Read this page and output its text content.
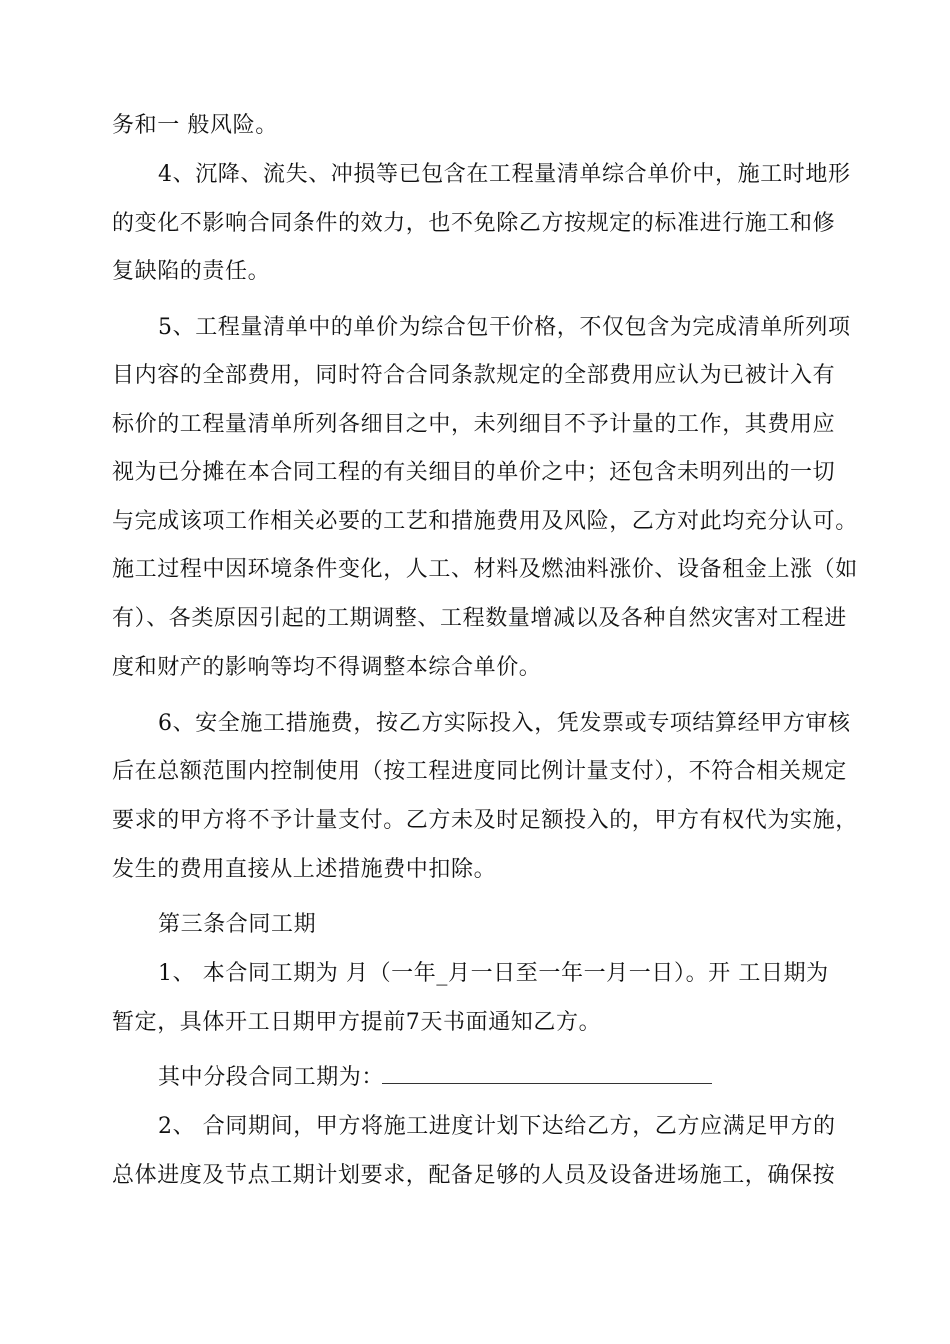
务和一 般风险。
4、沉降、流失、冲损等已包含在工程量清单综合单价中，施工时地形
的变化不影响合同条件的效力，也不免除乙方按规定的标准进行施工和修
复缺陷的责任。
5、工程量清单中的单价为综合包干价格，不仅包含为完成清单所列项
目内容的全部费用，同时符合合同条款规定的全部费用应认为已被计入有
标价的工程量清单所列各细目之中，未列细目不予计量的工作，其费用应
视为已分摊在本合同工程的有关细目的单价之中；还包含未明列出的一切
与完成该项工作相关必要的工艺和措施费用及风险，乙方对此均充分认可。
施工过程中因环境条件变化，人工、材料及燃油料涨价、设备租金上涨（如
有）、各类原因引起的工期调整、工程数量增减以及各种自然灾害对工程进
度和财产的影响等均不得调整本综合单价。
6、安全施工措施费，按乙方实际投入，凭发票或专项结算经甲方审核
后在总额范围内控制使用（按工程进度同比例计量支付），不符合相关规定
要求的甲方将不予计量支付。乙方未及时足额投入的，甲方有权代为实施，
发生的费用直接从上述措施费中扣除。
第三条合同工期
1、 本合同工期为 月（一年_月一日至一年一月一日）。开 工日期为
暂定，具体开工日期甲方提前7天书面通知乙方。
其中分段合同工期为：
2、 合同期间，甲方将施工进度计划下达给乙方，乙方应满足甲方的
总体进度及节点工期计划要求，配备足够的人员及设备进场施工，确保按
